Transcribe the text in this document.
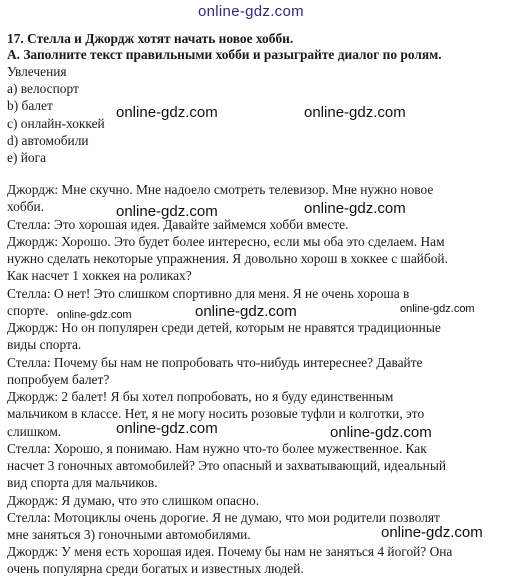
online-gdz.com
17. Стелла и Джордж хотят начать новое хобби.
A. Заполните текст правильными хобби и разыграйте диалог по ролям.
Увлечения
a) велоспорт
b) балет
c) онлайн-хоккей
d) автомобили
e) йога
Джордж: Мне скучно. Мне надоело смотреть телевизор. Мне нужно новое
хобби.
Стелла: Это хорошая идея. Давайте займемся хобби вместе.
Джордж: Хорошо. Это будет более интересно, если мы оба это сделаем. Нам
нужно сделать некоторые упражнения. Я довольно хорош в хоккее с шайбой.
Как насчет 1 хоккея на роликах?
Стелла: О нет! Это слишком спортивно для меня. Я не очень хороша в
спорте.
Джордж: Но он популярен среди детей, которым не нравятся традиционные
виды спорта.
Стелла: Почему бы нам не попробовать что-нибудь интереснее? Давайте
попробуем балет?
Джордж: 2 балет! Я бы хотел попробовать, но я буду единственным
мальчиком в классе. Нет, я не могу носить розовые туфли и колготки, это
слишком.
Стелла: Хорошо, я понимаю. Нам нужно что-то более мужественное. Как
насчет 3 гоночных автомобилей? Это опасный и захватывающий, идеальный
вид спорта для мальчиков.
Джордж: Я думаю, что это слишком опасно.
Стелла: Мотоциклы очень дорогие. Я не думаю, что мои родители позволят
мне заняться 3) гоночными автомобилями.
Джордж: У меня есть хорошая идея. Почему бы нам не заняться 4 йогой? Она
очень популярна среди богатых и известных людей.
online-gdz.com	online-gdz.com
online-gdz.com	online-gdz.com
online-gdz.com	online-gdz.com	online-gdz.com
online-gdz.com	online-gdz.com
online-gdz.com
